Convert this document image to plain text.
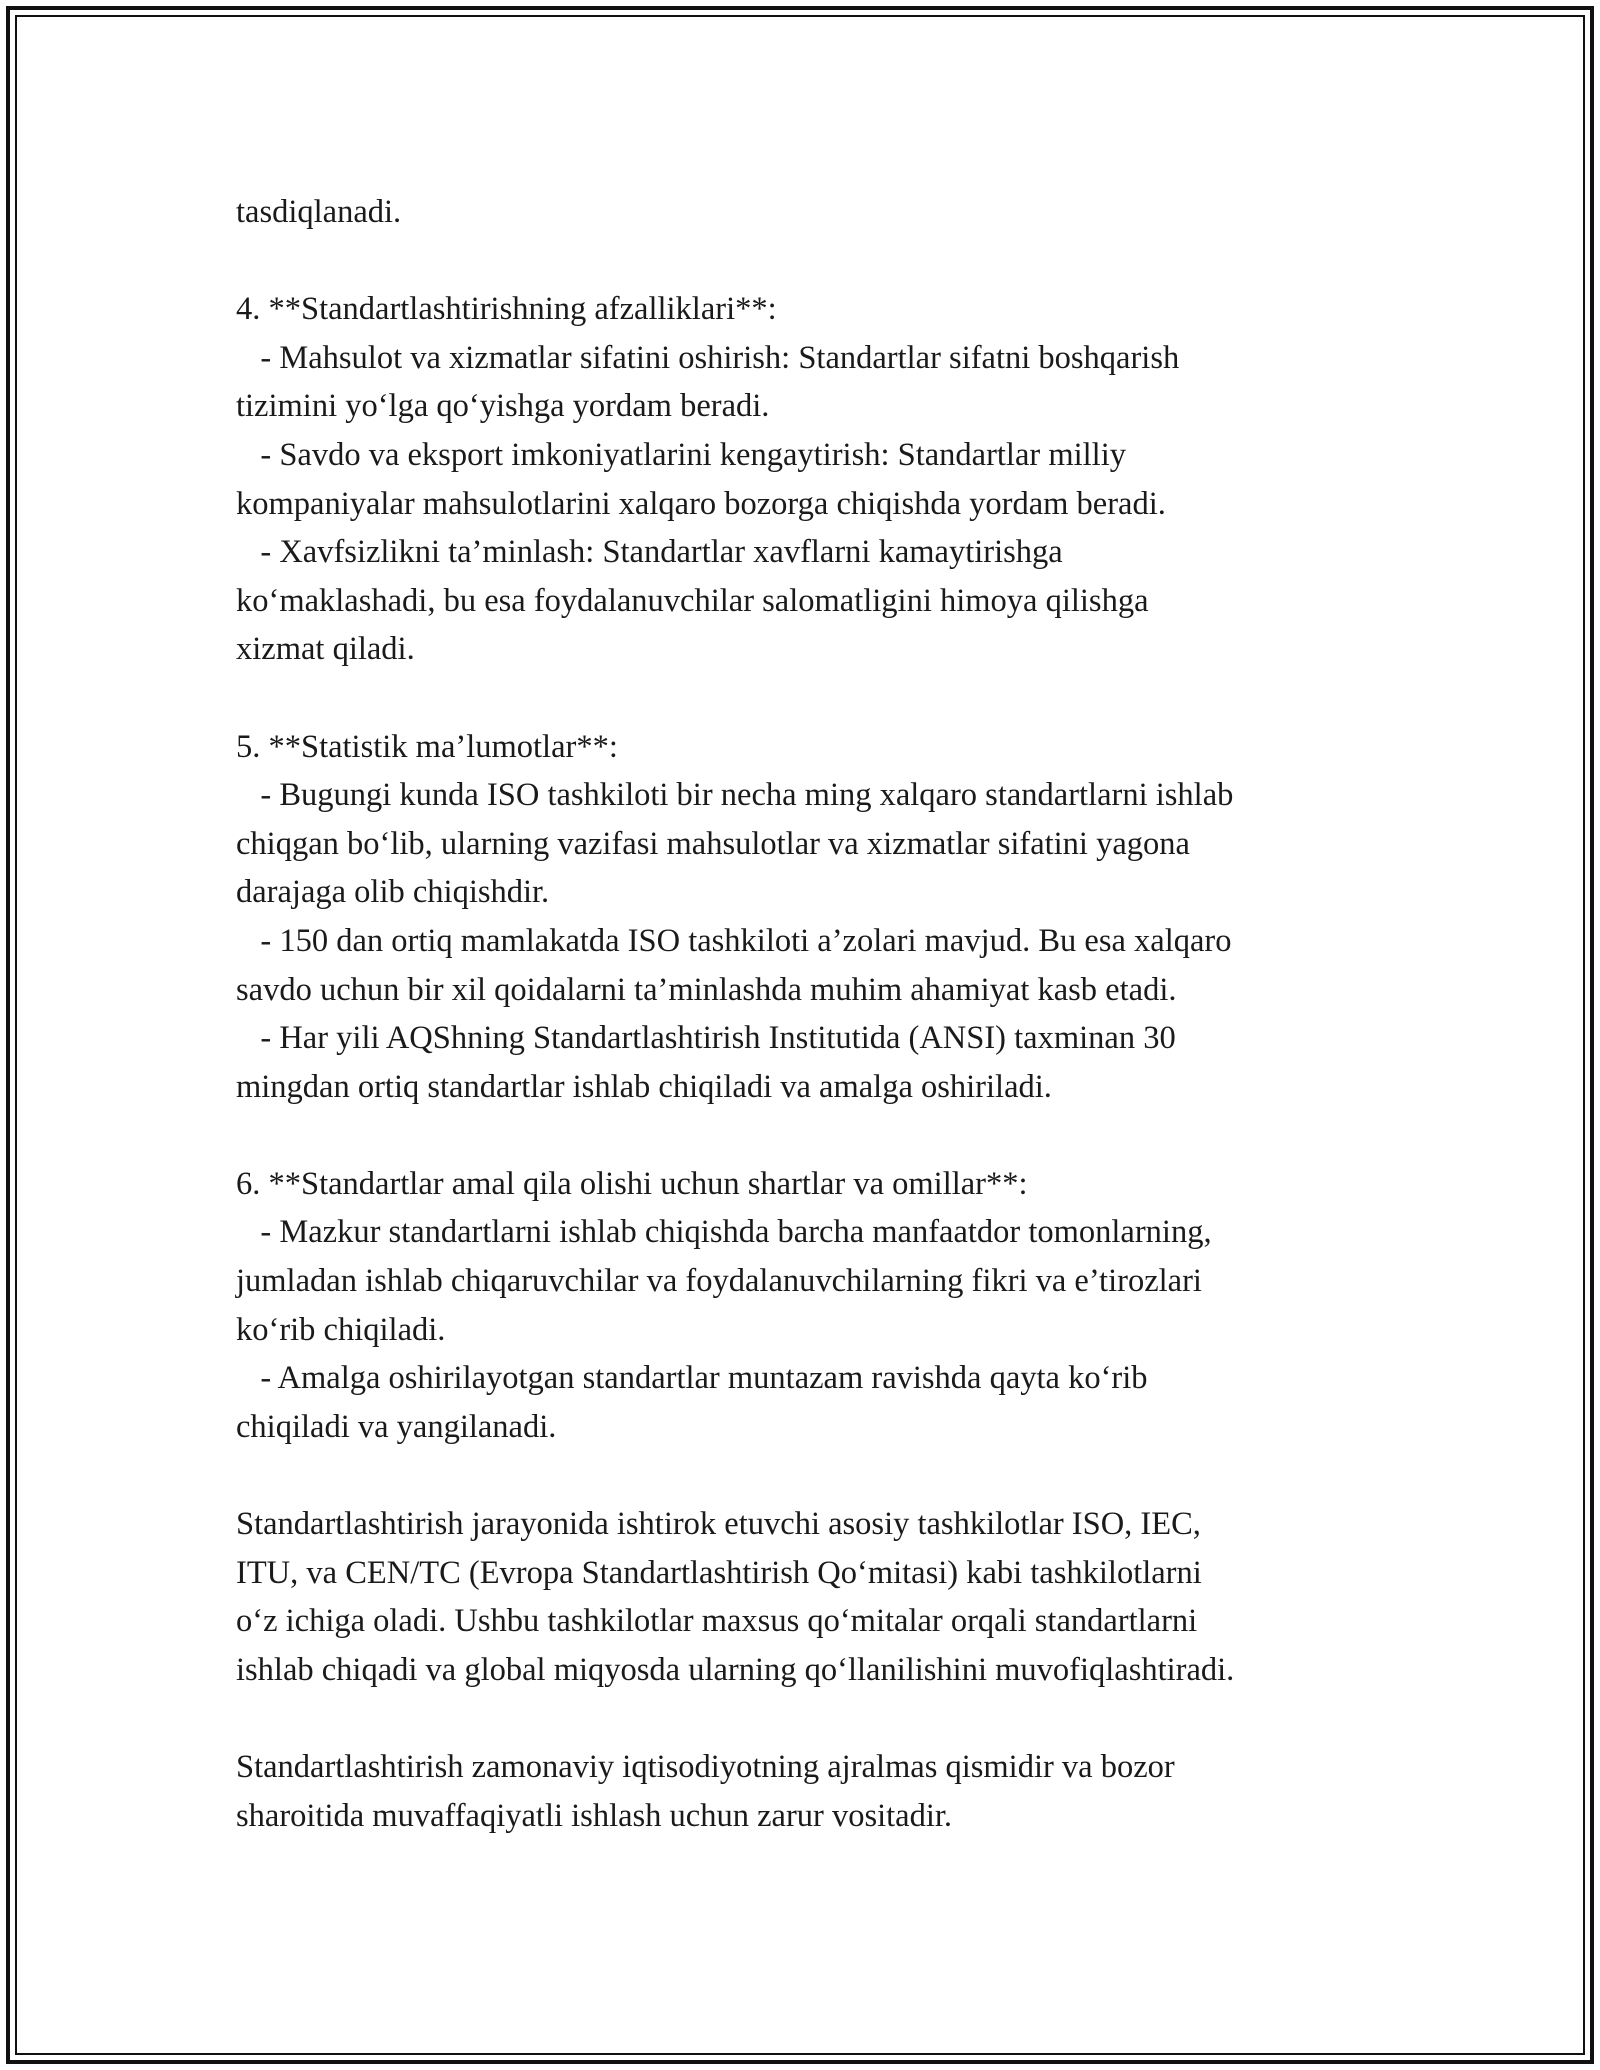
tasdiqlanadi.
4. **Standartlashtirishning afzalliklari**:
- Mahsulot va xizmatlar sifatini oshirish: Standartlar sifatni boshqarish
tizimini yo‘lga qo‘yishga yordam beradi.
- Savdo va eksport imkoniyatlarini kengaytirish: Standartlar milliy
kompaniyalar mahsulotlarini xalqaro bozorga chiqishda yordam beradi.
- Xavfsizlikni ta’minlash: Standartlar xavflarni kamaytirishga
ko‘maklashadi, bu esa foydalanuvchilar salomatligini himoya qilishga
xizmat qiladi.
5. **Statistik ma’lumotlar**:
- Bugungi kunda ISO tashkiloti bir necha ming xalqaro standartlarni ishlab
chiqgan bo‘lib, ularning vazifasi mahsulotlar va xizmatlar sifatini yagona
darajaga olib chiqishdir.
- 150 dan ortiq mamlakatda ISO tashkiloti a’zolari mavjud. Bu esa xalqaro
savdo uchun bir xil qoidalarni ta’minlashda muhim ahamiyat kasb etadi.
- Har yili AQShning Standartlashtirish Institutida (ANSI) taxminan 30
mingdan ortiq standartlar ishlab chiqiladi va amalga oshiriladi.
6. **Standartlar amal qila olishi uchun shartlar va omillar**:
- Mazkur standartlarni ishlab chiqishda barcha manfaatdor tomonlarning,
jumladan ishlab chiqaruvchilar va foydalanuvchilarning fikri va e’tirozlari
ko‘rib chiqiladi.
- Amalga oshirilayotgan standartlar muntazam ravishda qayta ko‘rib
chiqiladi va yangilanadi.
Standartlashtirish jarayonida ishtirok etuvchi asosiy tashkilotlar ISO, IEC,
ITU, va CEN/TC (Evropa Standartlashtirish Qo‘mitasi) kabi tashkilotlarni
o‘z ichiga oladi. Ushbu tashkilotlar maxsus qo‘mitalar orqali standartlarni
ishlab chiqadi va global miqyosda ularning qo‘llanilishini muvofiqlashtiradi.
Standartlashtirish zamonaviy iqtisodiyotning ajralmas qismidir va bozor
sharoitida muvaffaqiyatli ishlash uchun zarur vositadir.
